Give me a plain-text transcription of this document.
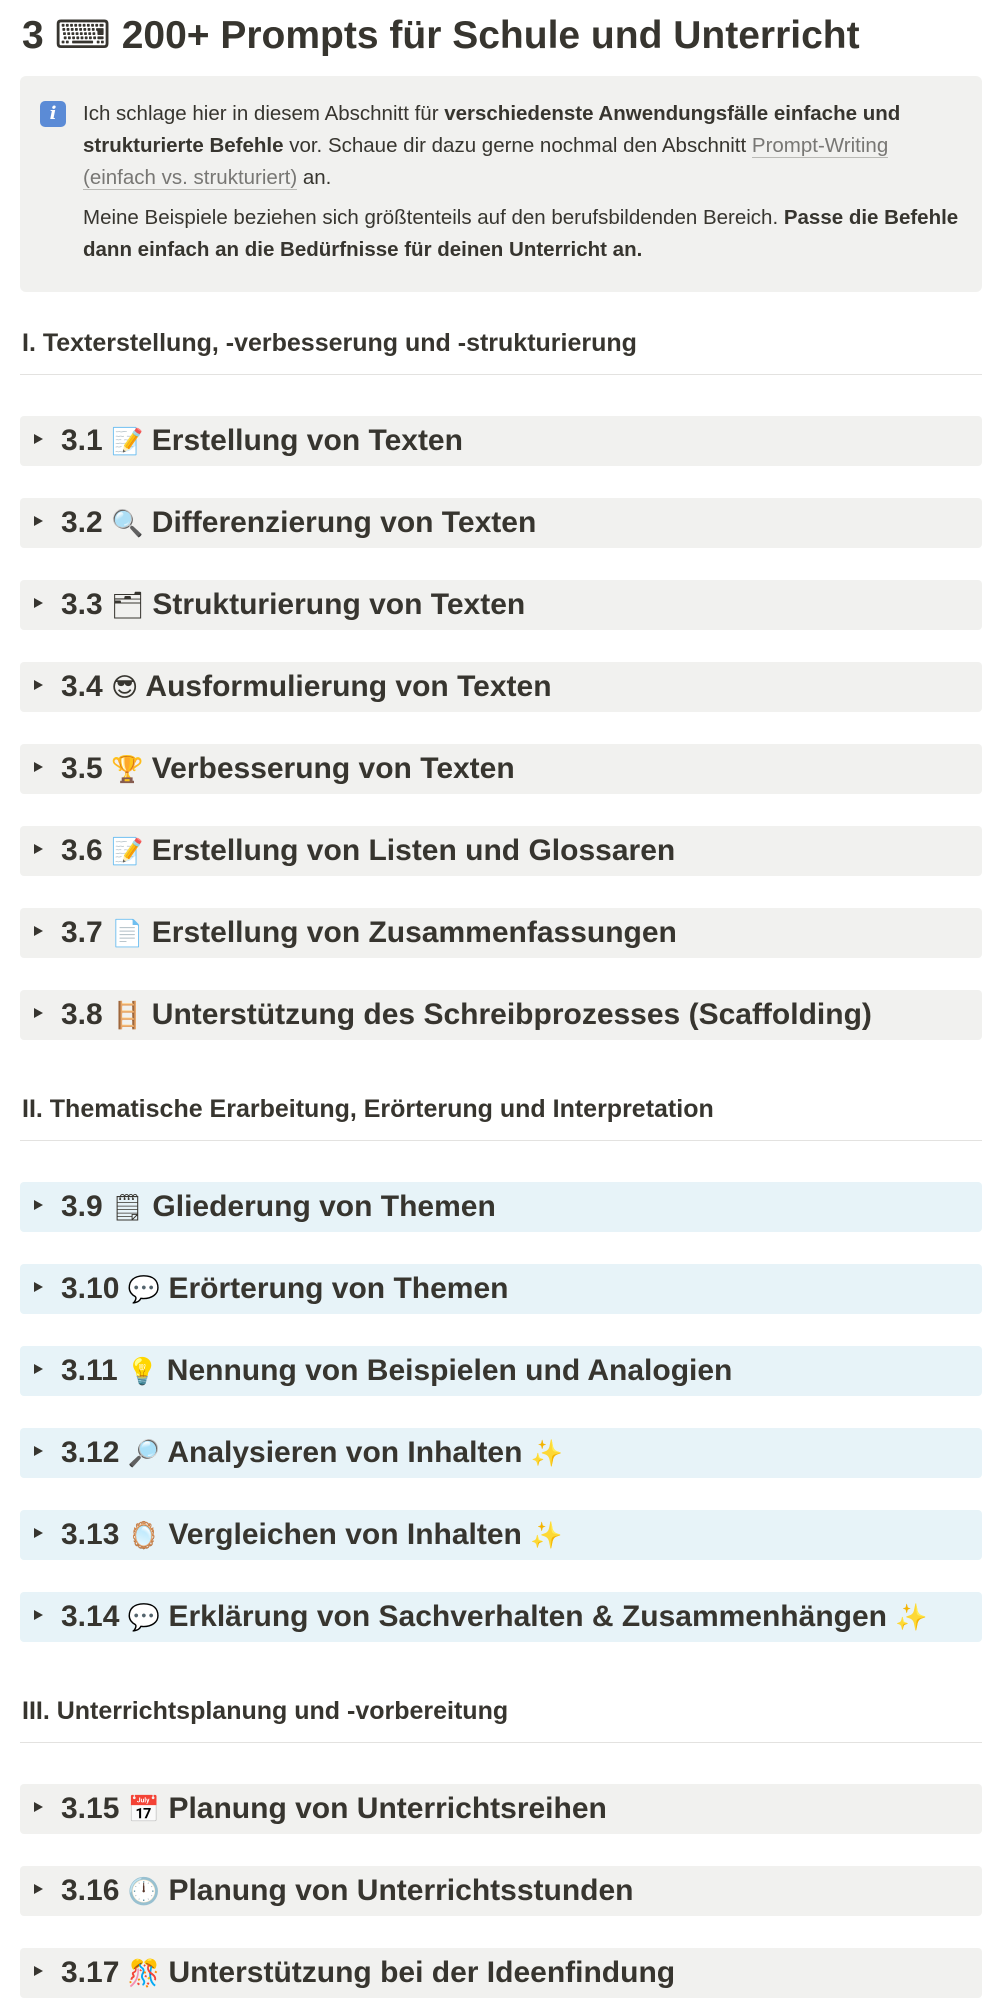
3 ⌨ 200+ Prompts für Schule und Unterricht
i	Ich schlage hier in diesem Abschnitt für verschiedenste Anwendungsfälle einfache und strukturierte Befehle vor. Schaue dir dazu gerne nochmal den Abschnitt Prompt-Writing (einfach vs. strukturiert) an.

Meine Beispiele beziehen sich größtenteils auf den berufsbildenden Bereich. Passe die Befehle dann einfach an die Bedürfnisse für deinen Unterricht an.

I. Texterstellung, -verbesserung und -strukturierung
3.1 📝 Erstellung von Texten
3.2 🔍 Differenzierung von Texten
3.3 🗂 Strukturierung von Texten
3.4 😎 Ausformulierung von Texten
3.5 🏆 Verbesserung von Texten
3.6 📝 Erstellung von Listen und Glossaren
3.7 📄 Erstellung von Zusammenfassungen
3.8 🪜 Unterstützung des Schreibprozesses (Scaffolding)
II. Thematische Erarbeitung, Erörterung und Interpretation
3.9 🗒 Gliederung von Themen
3.10 💬 Erörterung von Themen
3.11 💡 Nennung von Beispielen und Analogien
3.12 🔎 Analysieren von Inhalten ✨
3.13 🪞 Vergleichen von Inhalten ✨
3.14 💬 Erklärung von Sachverhalten & Zusammenhängen ✨
III. Unterrichtsplanung und -vorbereitung
3.15 📅 Planung von Unterrichtsreihen
3.16 🕛 Planung von Unterrichtsstunden
3.17 🎊 Unterstützung bei der Ideenfindung
